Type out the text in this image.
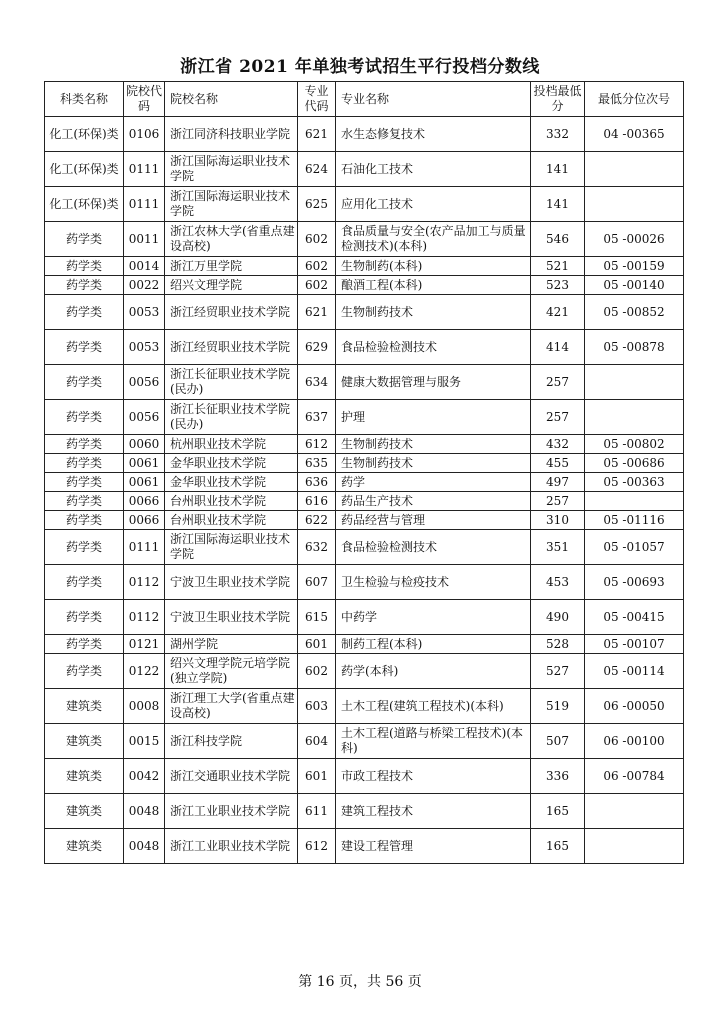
浙江省 2021 年单独考试招生平行投档分数线
科类名称	院校代码	院校名称	专业代码	专业名称	投档最低分	最低分位次号
化工(环保)类	0106	浙江同济科技职业学院	621	水生态修复技术	332	04 -00365
化工(环保)类	0111	浙江国际海运职业技术学院	624	石油化工技术	141	
化工(环保)类	0111	浙江国际海运职业技术学院	625	应用化工技术	141	
药学类	0011	浙江农林大学(省重点建设高校)	602	食品质量与安全(农产品加工与质量检测技术)(本科)	546	05 -00026
药学类	0014	浙江万里学院	602	生物制药(本科)	521	05 -00159
药学类	0022	绍兴文理学院	602	酿酒工程(本科)	523	05 -00140
药学类	0053	浙江经贸职业技术学院	621	生物制药技术	421	05 -00852
药学类	0053	浙江经贸职业技术学院	629	食品检验检测技术	414	05 -00878
药学类	0056	浙江长征职业技术学院(民办)	634	健康大数据管理与服务	257	
药学类	0056	浙江长征职业技术学院(民办)	637	护理	257	
药学类	0060	杭州职业技术学院	612	生物制药技术	432	05 -00802
药学类	0061	金华职业技术学院	635	生物制药技术	455	05 -00686
药学类	0061	金华职业技术学院	636	药学	497	05 -00363
药学类	0066	台州职业技术学院	616	药品生产技术	257	
药学类	0066	台州职业技术学院	622	药品经营与管理	310	05 -01116
药学类	0111	浙江国际海运职业技术学院	632	食品检验检测技术	351	05 -01057
药学类	0112	宁波卫生职业技术学院	607	卫生检验与检疫技术	453	05 -00693
药学类	0112	宁波卫生职业技术学院	615	中药学	490	05 -00415
药学类	0121	湖州学院	601	制药工程(本科)	528	05 -00107
药学类	0122	绍兴文理学院元培学院(独立学院)	602	药学(本科)	527	05 -00114
建筑类	0008	浙江理工大学(省重点建设高校)	603	土木工程(建筑工程技术)(本科)	519	06 -00050
建筑类	0015	浙江科技学院	604	土木工程(道路与桥梁工程技术)(本科)	507	06 -00100
建筑类	0042	浙江交通职业技术学院	601	市政工程技术	336	06 -00784
建筑类	0048	浙江工业职业技术学院	611	建筑工程技术	165	
建筑类	0048	浙江工业职业技术学院	612	建设工程管理	165	
第 16 页，共 56 页
